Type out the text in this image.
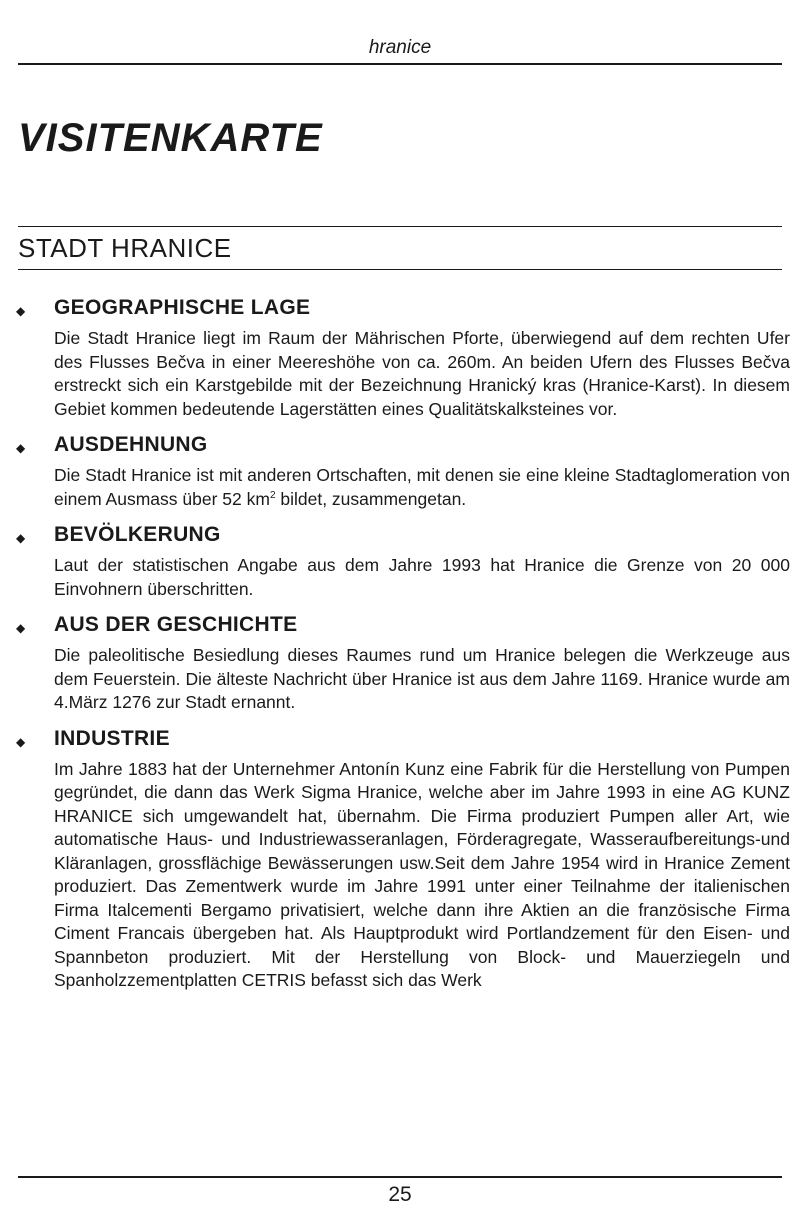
hranice
VISITENKARTE
STADT HRANICE
◆ GEOGRAPHISCHE LAGE

Die Stadt Hranice liegt im Raum der Mährischen Pforte, überwiegend auf dem rechten Ufer des Flusses Bečva in einer Meereshöhe von ca. 260m. An beiden Ufern des Flusses Bečva erstreckt sich ein Karstgebilde mit der Bezeichnung Hranický kras (Hranice-Karst). In diesem Gebiet kommen bedeutende Lagerstätten eines Qualitätskalksteines vor.

◆ AUSDEHNUNG

Die Stadt Hranice ist mit anderen Ortschaften, mit denen sie eine kleine Stadtaglomeration von einem Ausmass über 52 $km^2$ bildet, zusammengetan.

◆ BEVÖLKERUNG

Laut der statistischen Angabe aus dem Jahre 1993 hat Hranice die Grenze von 20 000 Einvohnern überschritten.

◆ AUS DER GESCHICHTE

Die paleolitische Besiedlung dieses Raumes rund um Hranice belegen die Werkzeuge aus dem Feuerstein. Die älteste Nachricht über Hranice ist aus dem Jahre 1169. Hranice wurde am 4.März 1276 zur Stadt ernannt.

◆ INDUSTRIE

Im Jahre 1883 hat der Unternehmer Antonín Kunz eine Fabrik für die Herstellung von Pumpen gegründet, die dann das Werk Sigma Hranice, welche aber im Jahre 1993 in eine AG KUNZ HRANICE sich umgewandelt hat, übernahm. Die Firma produziert Pumpen aller Art, wie automatische Haus- und Industriewasseranlagen, Förderagregate, Wasseraufbereitungs-und Kläranlagen, grossflächige Bewässerungen usw.Seit dem Jahre 1954 wird in Hranice Zement produziert. Das Zementwerk wurde im Jahre 1991 unter einer Teilnahme der italienischen Firma Italcementi Bergamo privatisiert, welche dann ihre Aktien an die französische Firma Ciment Francais übergeben hat. Als Hauptprodukt wird Portlandzement für den Eisen- und Spannbeton produziert. Mit der Herstellung von Block- und Mauerziegeln und Spanholzzementplatten CETRIS befasst sich das Werk

25
